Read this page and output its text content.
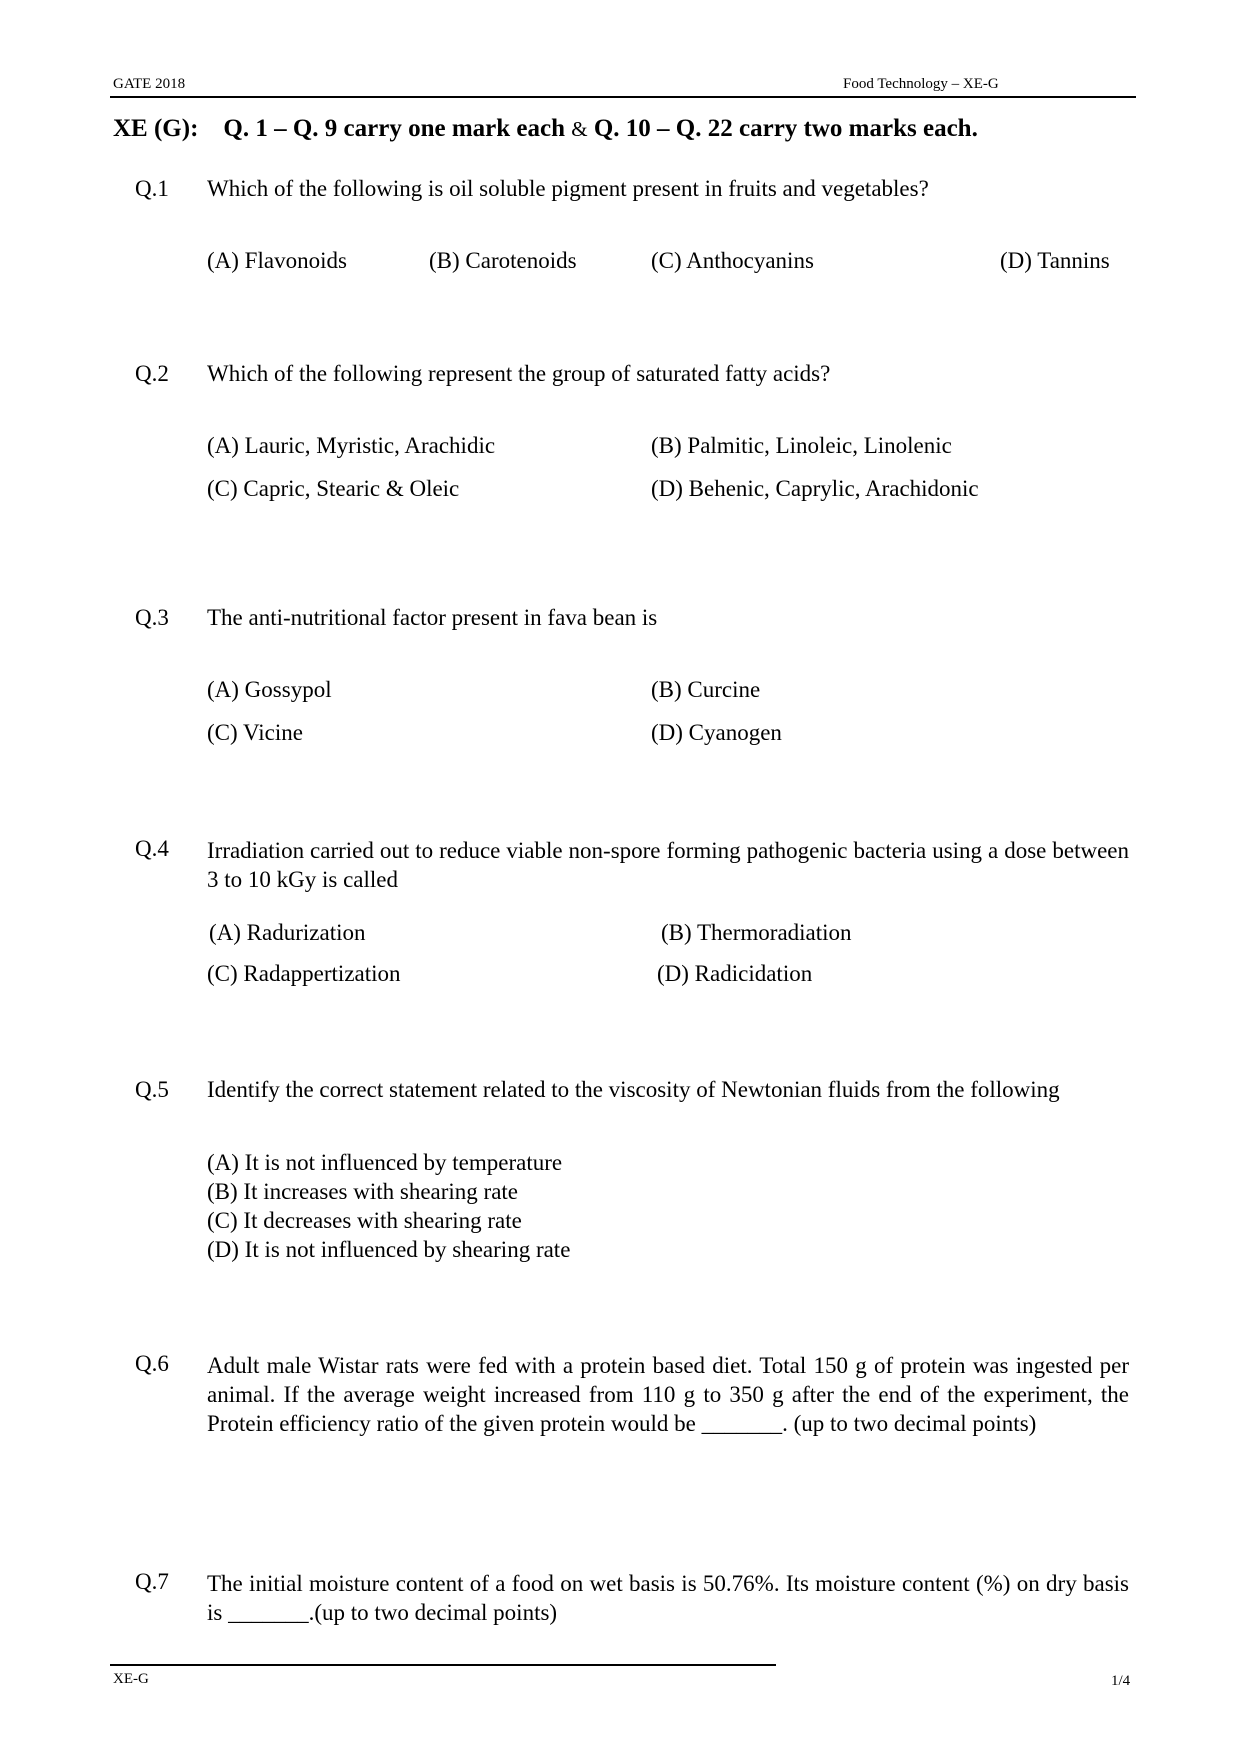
GATE 2018	Food Technology – XE-G
XE (G): Q. 1 – Q. 9 carry one mark each & Q. 10 – Q. 22 carry two marks each.
Q.1 Which of the following is oil soluble pigment present in fruits and vegetables?
(A) Flavonoids	(B) Carotenoids	(C) Anthocyanins	(D) Tannins
Q.2 Which of the following represent the group of saturated fatty acids?
(A) Lauric, Myristic, Arachidic	(B) Palmitic, Linoleic, Linolenic
(C) Capric, Stearic & Oleic	(D) Behenic, Caprylic, Arachidonic
Q.3 The anti-nutritional factor present in fava bean is
(A) Gossypol	(B) Curcine
(C) Vicine	(D) Cyanogen
Q.4 Irradiation carried out to reduce viable non-spore forming pathogenic bacteria using a dose between 3 to 10 kGy is called
(A) Radurization	(B) Thermoradiation
(C) Radappertization	(D) Radicidation
Q.5 Identify the correct statement related to the viscosity of Newtonian fluids from the following
(A) It is not influenced by temperature
(B) It increases with shearing rate
(C) It decreases with shearing rate
(D) It is not influenced by shearing rate
Q.6 Adult male Wistar rats were fed with a protein based diet. Total 150 g of protein was ingested per animal. If the average weight increased from 110 g to 350 g after the end of the experiment, the Protein efficiency ratio of the given protein would be _______. (up to two decimal points)
Q.7 The initial moisture content of a food on wet basis is 50.76%. Its moisture content (%) on dry basis is _______.(up to two decimal points)
XE-G	1/4
